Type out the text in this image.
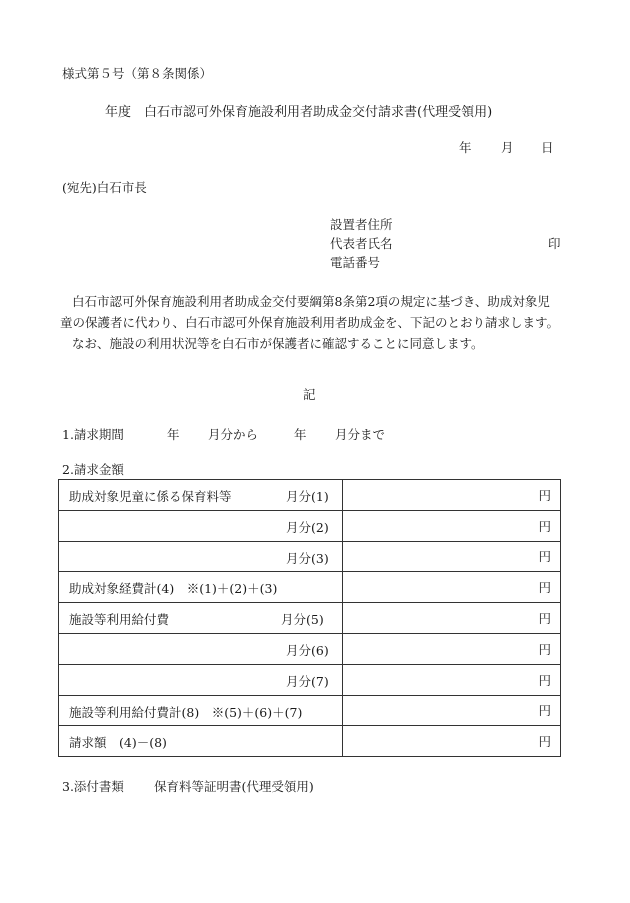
様式第５号（第８条関係）
年度　白石市認可外保育施設利用者助成金交付請求書(代理受領用)
年 月 日
(宛先)白石市長
設置者住所
代表者氏名	印
電話番号

白石市認可外保育施設利用者助成金交付要綱第8条第2項の規定に基づき、助成対象児童の保護者に代わり、白石市認可外保育施設利用者助成金を、下記のとおり請求します。

なお、施設の利用状況等を白石市が保護者に確認することに同意します。

記
1.請求期間	年 月分から	年 月分まで
2.請求金額
助成対象児童に係る保育料等 月分(1)	円

月分(2)	円

月分(3)	円

助成対象経費計(4)　※(1)＋(2)＋(3)	円

施設等利用給付費 月分(5)	円

月分(6)	円

月分(7)	円

施設等利用給付費計(8)　※(5)＋(6)＋(7)	円

請求額　(4)－(8)	円
3.添付書類 保育料等証明書(代理受領用)
